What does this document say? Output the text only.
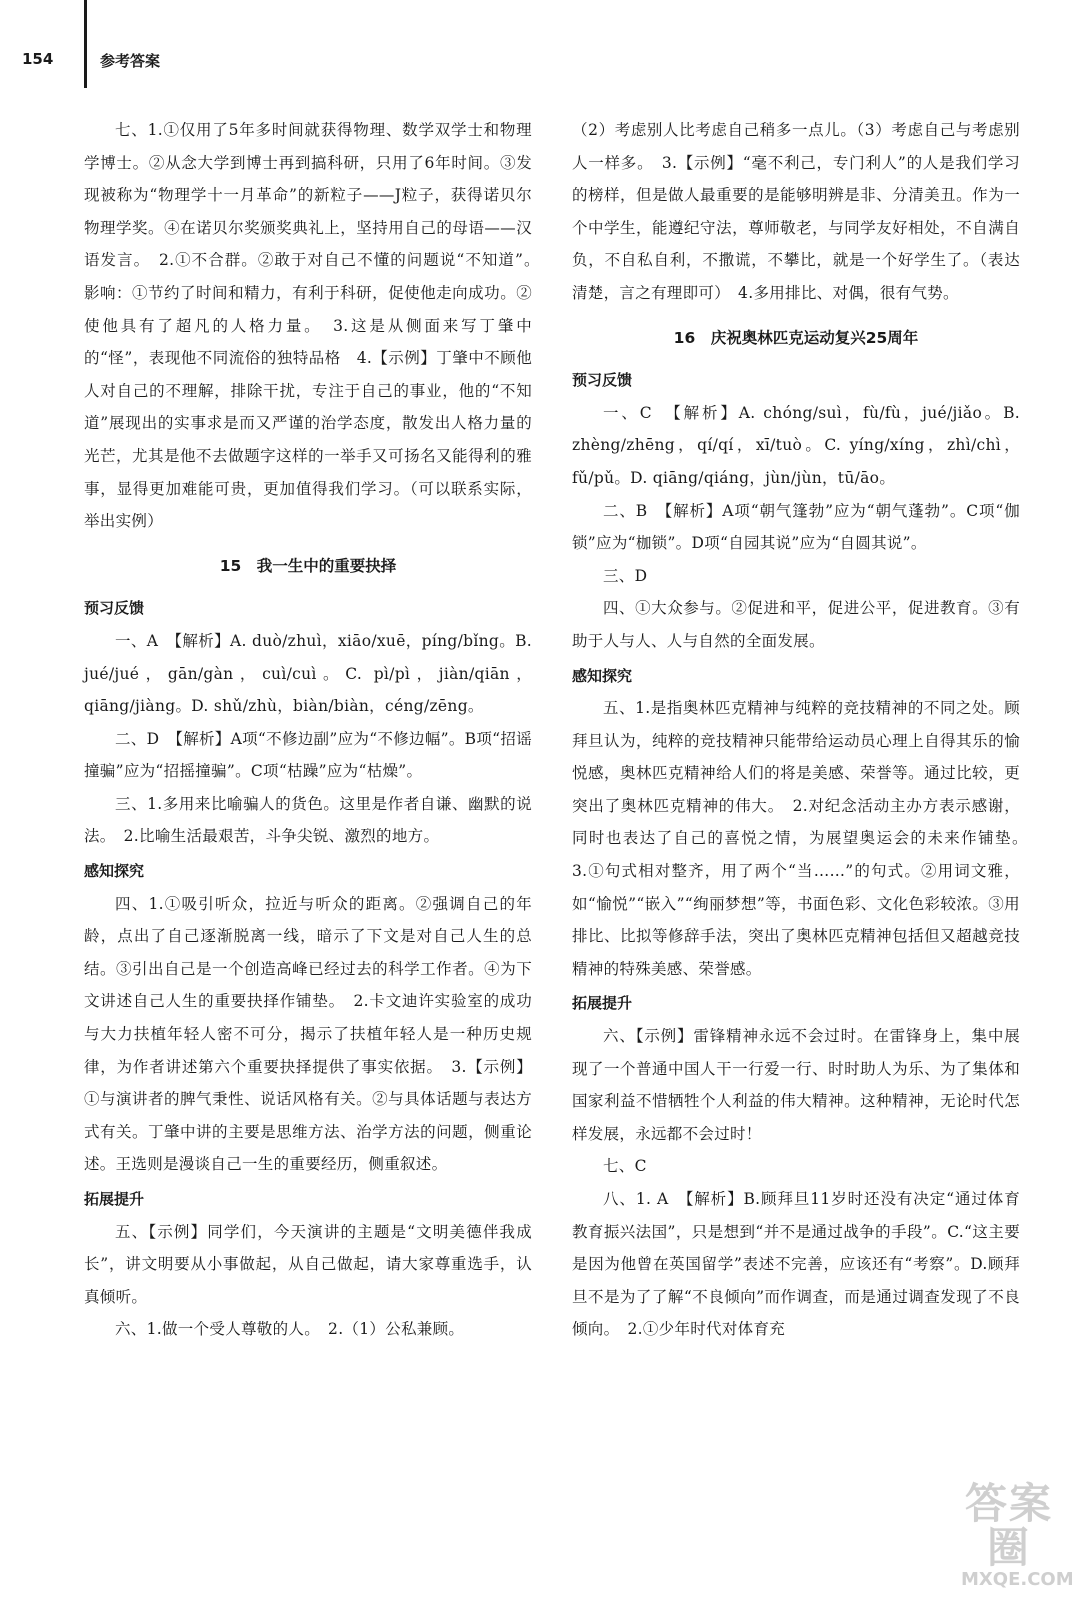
154	参考答案

七、1.①仅用了5年多时间就获得物理、数学双学士和物理学博士。②从念大学到博士再到搞科研，只用了6年时间。③发现被称为“物理学十一月革命”的新粒子——J粒子，获得诺贝尔物理学奖。④在诺贝尔奖颁奖典礼上，坚持用自己的母语——汉语发言。　2.①不合群。②敢于对自己不懂的问题说“不知道”。　影响：①节约了时间和精力，有利于科研，促使他走向成功。②使他具有了超凡的人格力量。　3.这是从侧面来写丁肇中的“怪”，表现他不同流俗的独特品格　4.【示例】丁肇中不顾他人对自己的不理解，排除干扰，专注于自己的事业，他的“不知道”展现出的实事求是而又严谨的治学态度，散发出人格力量的光芒，尤其是他不去做题字这样的一举手又可扬名又能得利的雅事，显得更加难能可贵，更加值得我们学习。（可以联系实际，举出实例）

15　我一生中的重要抉择
预习反馈

一、A　【解析】A. duò/zhuì，xiāo/xuē，píng/bǐng。B. jué/jué，gān/gàn，cuì/cuì。C. pì/pì，jiàn/qiān，qiāng/jiàng。D. shǔ/zhù，biàn/biàn，céng/zēng。

二、D　【解析】A项“不修边副”应为“不修边幅”。B项“招谣撞骗”应为“招摇撞骗”。C项“枯躁”应为“枯燥”。

三、1.多用来比喻骗人的货色。这里是作者自谦、幽默的说法。　2.比喻生活最艰苦，斗争尖锐、激烈的地方。

感知探究

四、1.①吸引听众，拉近与听众的距离。②强调自己的年龄，点出了自己逐渐脱离一线，暗示了下文是对自己人生的总结。③引出自己是一个创造高峰已经过去的科学工作者。④为下文讲述自己人生的重要抉择作铺垫。　2.卡文迪许实验室的成功与大力扶植年轻人密不可分，揭示了扶植年轻人是一种历史规律，为作者讲述第六个重要抉择提供了事实依据。　3.【示例】①与演讲者的脾气秉性、说话风格有关。②与具体话题与表达方式有关。丁肇中讲的主要是思维方法、治学方法的问题，侧重论述。王选则是漫谈自己一生的重要经历，侧重叙述。

拓展提升

五、【示例】同学们，今天演讲的主题是“文明美德伴我成长”，讲文明要从小事做起，从自己做起，请大家尊重选手，认真倾听。

六、1.做一个受人尊敬的人。　2.（1）公私兼顾。

（2）考虑别人比考虑自己稍多一点儿。（3）考虑自己与考虑别人一样多。　3.【示例】“毫不利己，专门利人”的人是我们学习的榜样，但是做人最重要的是能够明辨是非、分清美丑。作为一个中学生，能遵纪守法，尊师敬老，与同学友好相处，不自满自负，不自私自利，不撒谎，不攀比，就是一个好学生了。（表达清楚，言之有理即可）　4.多用排比、对偶，很有气势。

16　庆祝奥林匹克运动复兴25周年
预习反馈

一、C　【解析】A. chóng/suì，fù/fù，jué/jiǎo。B. zhèng/zhēng，qí/qí，xī/tuò。C. yíng/xíng，zhì/chì，fǔ/pǔ。D. qiāng/qiáng，jùn/jùn，tū/āo。

二、B　【解析】A项“朝气篷勃”应为“朝气蓬勃”。C项“伽锁”应为“枷锁”。D项“自园其说”应为“自圆其说”。

三、D

四、①大众参与。②促进和平，促进公平，促进教育。③有助于人与人、人与自然的全面发展。

感知探究

五、1.是指奥林匹克精神与纯粹的竞技精神的不同之处。顾拜旦认为，纯粹的竞技精神只能带给运动员心理上自得其乐的愉悦感，奥林匹克精神给人们的将是美感、荣誉等。通过比较，更突出了奥林匹克精神的伟大。　2.对纪念活动主办方表示感谢，同时也表达了自己的喜悦之情，为展望奥运会的未来作铺垫。　3.①句式相对整齐，用了两个“当……”的句式。②用词文雅，如“愉悦”“嵌入”“绚丽梦想”等，书面色彩、文化色彩较浓。③用排比、比拟等修辞手法，突出了奥林匹克精神包括但又超越竞技精神的特殊美感、荣誉感。

拓展提升

六、【示例】雷锋精神永远不会过时。在雷锋身上，集中展现了一个普通中国人干一行爱一行、时时助人为乐、为了集体和国家利益不惜牺牲个人利益的伟大精神。这种精神，无论时代怎样发展，永远都不会过时！

七、C

八、1. A　【解析】B.顾拜旦11岁时还没有决定“通过体育教育振兴法国”，只是想到“并不是通过战争的手段”。C.“这主要是因为他曾在英国留学”表述不完善，应该还有“考察”。D.顾拜旦不是为了了解“不良倾向”而作调查，而是通过调查发现了不良倾向。　2.①少年时代对体育充

答案圈
MXQE.COM
